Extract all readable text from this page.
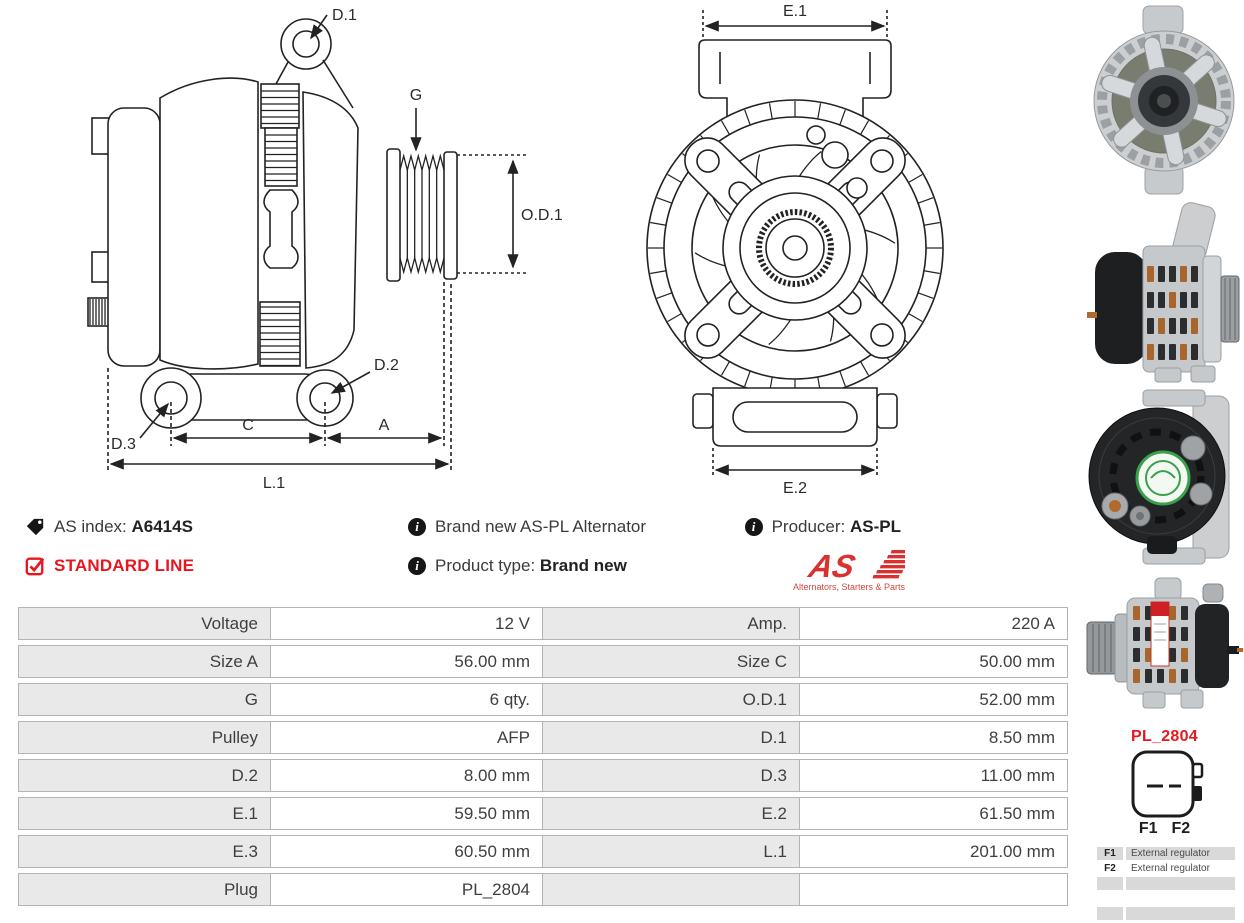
D.1
G
O.D.1
D.2
D.3
C	A
L.1
E.1
E.2
AS index: A6414S
STANDARD LINE
i Brand new AS-PL Alternator
i Product type: Brand new
i Producer: AS-PL
AS
Alternators, Starters & Parts
Voltage	12 V	Amp.	220 A
Size A	56.00 mm	Size C	50.00 mm
G	6 qty.	O.D.1	52.00 mm
Pulley	AFP	D.1	8.50 mm
D.2	8.00 mm	D.3	11.00 mm
E.1	59.50 mm	E.2	61.50 mm
E.3	60.50 mm	L.1	201.00 mm
Plug	PL_2804
PL_2804
F1 F2
F1	External regulator
F2	External regulator
